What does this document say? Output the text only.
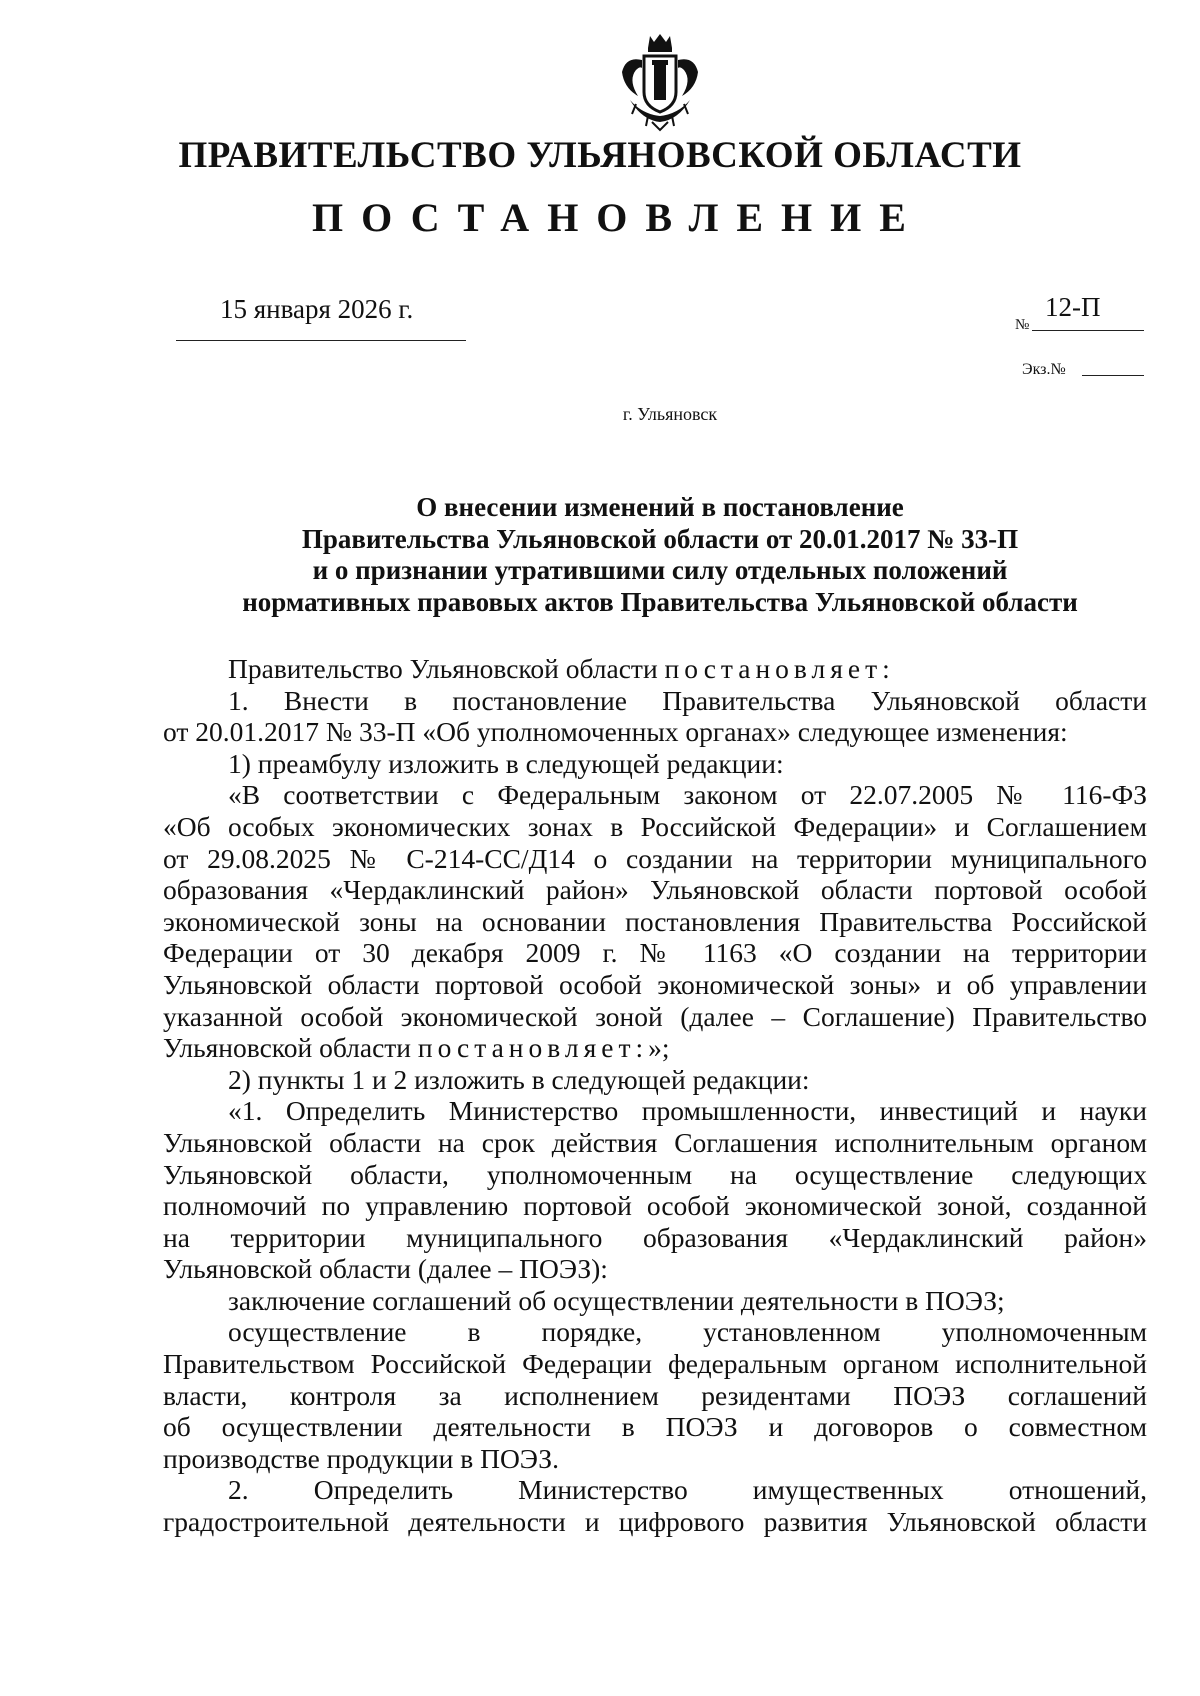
ПРАВИТЕЛЬСТВО УЛЬЯНОВСКОЙ ОБЛАСТИ
ПОСТАНОВЛЕНИЕ
15 января 2026 г.
№
12-П
Экз.№
г. Ульяновск
О внесении изменений в постановление
Правительства Ульяновской области от 20.01.2017 № 33-П
и о признании утратившими силу отдельных положений
нормативных правовых актов Правительства Ульяновской области

Правительство Ульяновской области постановляет:

1. Внести в постановление Правительства Ульяновской области

от 20.01.2017 № 33-П «Об уполномоченных органах» следующее изменения:

1) преамбулу изложить в следующей редакции:

«В соответствии с Федеральным законом от 22.07.2005 № 116-ФЗ

«Об особых экономических зонах в Российской Федерации» и Соглашением

от 29.08.2025 № С-214-СС/Д14 о создании на территории муниципального

образования «Чердаклинский район» Ульяновской области портовой особой

экономической зоны на основании постановления Правительства Российской

Федерации от 30 декабря 2009 г. № 1163 «О создании на территории

Ульяновской области портовой особой экономической зоны» и об управлении

указанной особой экономической зоной (далее – Соглашение) Правительство

Ульяновской области постановляет:»;

2) пункты 1 и 2 изложить в следующей редакции:

«1. Определить Министерство промышленности, инвестиций и науки

Ульяновской области на срок действия Соглашения исполнительным органом

Ульяновской области, уполномоченным на осуществление следующих

полномочий по управлению портовой особой экономической зоной, созданной

на территории муниципального образования «Чердаклинский район»

Ульяновской области (далее – ПОЭЗ):

заключение соглашений об осуществлении деятельности в ПОЭЗ;

осуществление в порядке, установленном уполномоченным

Правительством Российской Федерации федеральным органом исполнительной

власти, контроля за исполнением резидентами ПОЭЗ соглашений

об осуществлении деятельности в ПОЭЗ и договоров о совместном

производстве продукции в ПОЭЗ.

2. Определить Министерство имущественных отношений,

градостроительной деятельности и цифрового развития Ульяновской области
